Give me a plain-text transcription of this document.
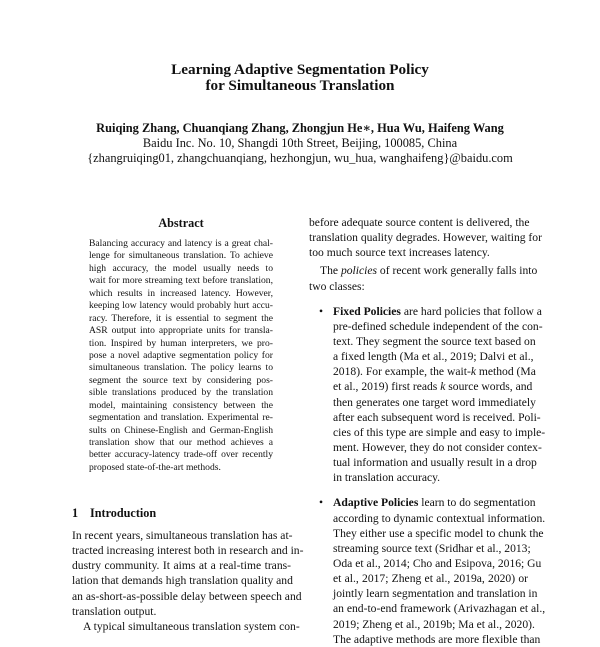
Learning Adaptive Segmentation Policy
for Simultaneous Translation
Ruiqing Zhang, Chuanqiang Zhang, Zhongjun He∗, Hua Wu, Haifeng Wang
Baidu Inc. No. 10, Shangdi 10th Street, Beijing, 100085, China
{zhangruiqing01, zhangchuanqiang, hezhongjun, wu_hua, wanghaifeng}@baidu.com
Abstract
Balancing accuracy and latency is a great chal-
lenge for simultaneous translation. To achieve
high accuracy, the model usually needs to
wait for more streaming text before translation,
which results in increased latency. However,
keeping low latency would probably hurt accu-
racy. Therefore, it is essential to segment the
ASR output into appropriate units for transla-
tion. Inspired by human interpreters, we pro-
pose a novel adaptive segmentation policy for
simultaneous translation. The policy learns to
segment the source text by considering pos-
sible translations produced by the translation
model, maintaining consistency between the
segmentation and translation. Experimental re-
sults on Chinese-English and German-English
translation show that our method achieves a
better accuracy-latency trade-off over recently
proposed state-of-the-art methods.
1 Introduction
In recent years, simultaneous translation has at-
tracted increasing interest both in research and in-
dustry community. It aims at a real-time trans-
lation that demands high translation quality and
an as-short-as-possible delay between speech and
translation output.
A typical simultaneous translation system con-
before adequate source content is delivered, the
translation quality degrades. However, waiting for
too much source text increases latency.
The policies of recent work generally falls into
two classes:
• Fixed Policies are hard policies that follow a
pre-defined schedule independent of the con-
text. They segment the source text based on
a fixed length (Ma et al., 2019; Dalvi et al.,
2018). For example, the wait-k method (Ma
et al., 2019) first reads k source words, and
then generates one target word immediately
after each subsequent word is received. Poli-
cies of this type are simple and easy to imple-
ment. However, they do not consider contex-
tual information and usually result in a drop
in translation accuracy.
• Adaptive Policies learn to do segmentation
according to dynamic contextual information.
They either use a specific model to chunk the
streaming source text (Sridhar et al., 2013;
Oda et al., 2014; Cho and Esipova, 2016; Gu
et al., 2017; Zheng et al., 2019a, 2020) or
jointly learn segmentation and translation in
an end-to-end framework (Arivazhagan et al.,
2019; Zheng et al., 2019b; Ma et al., 2020).
The adaptive methods are more flexible than
